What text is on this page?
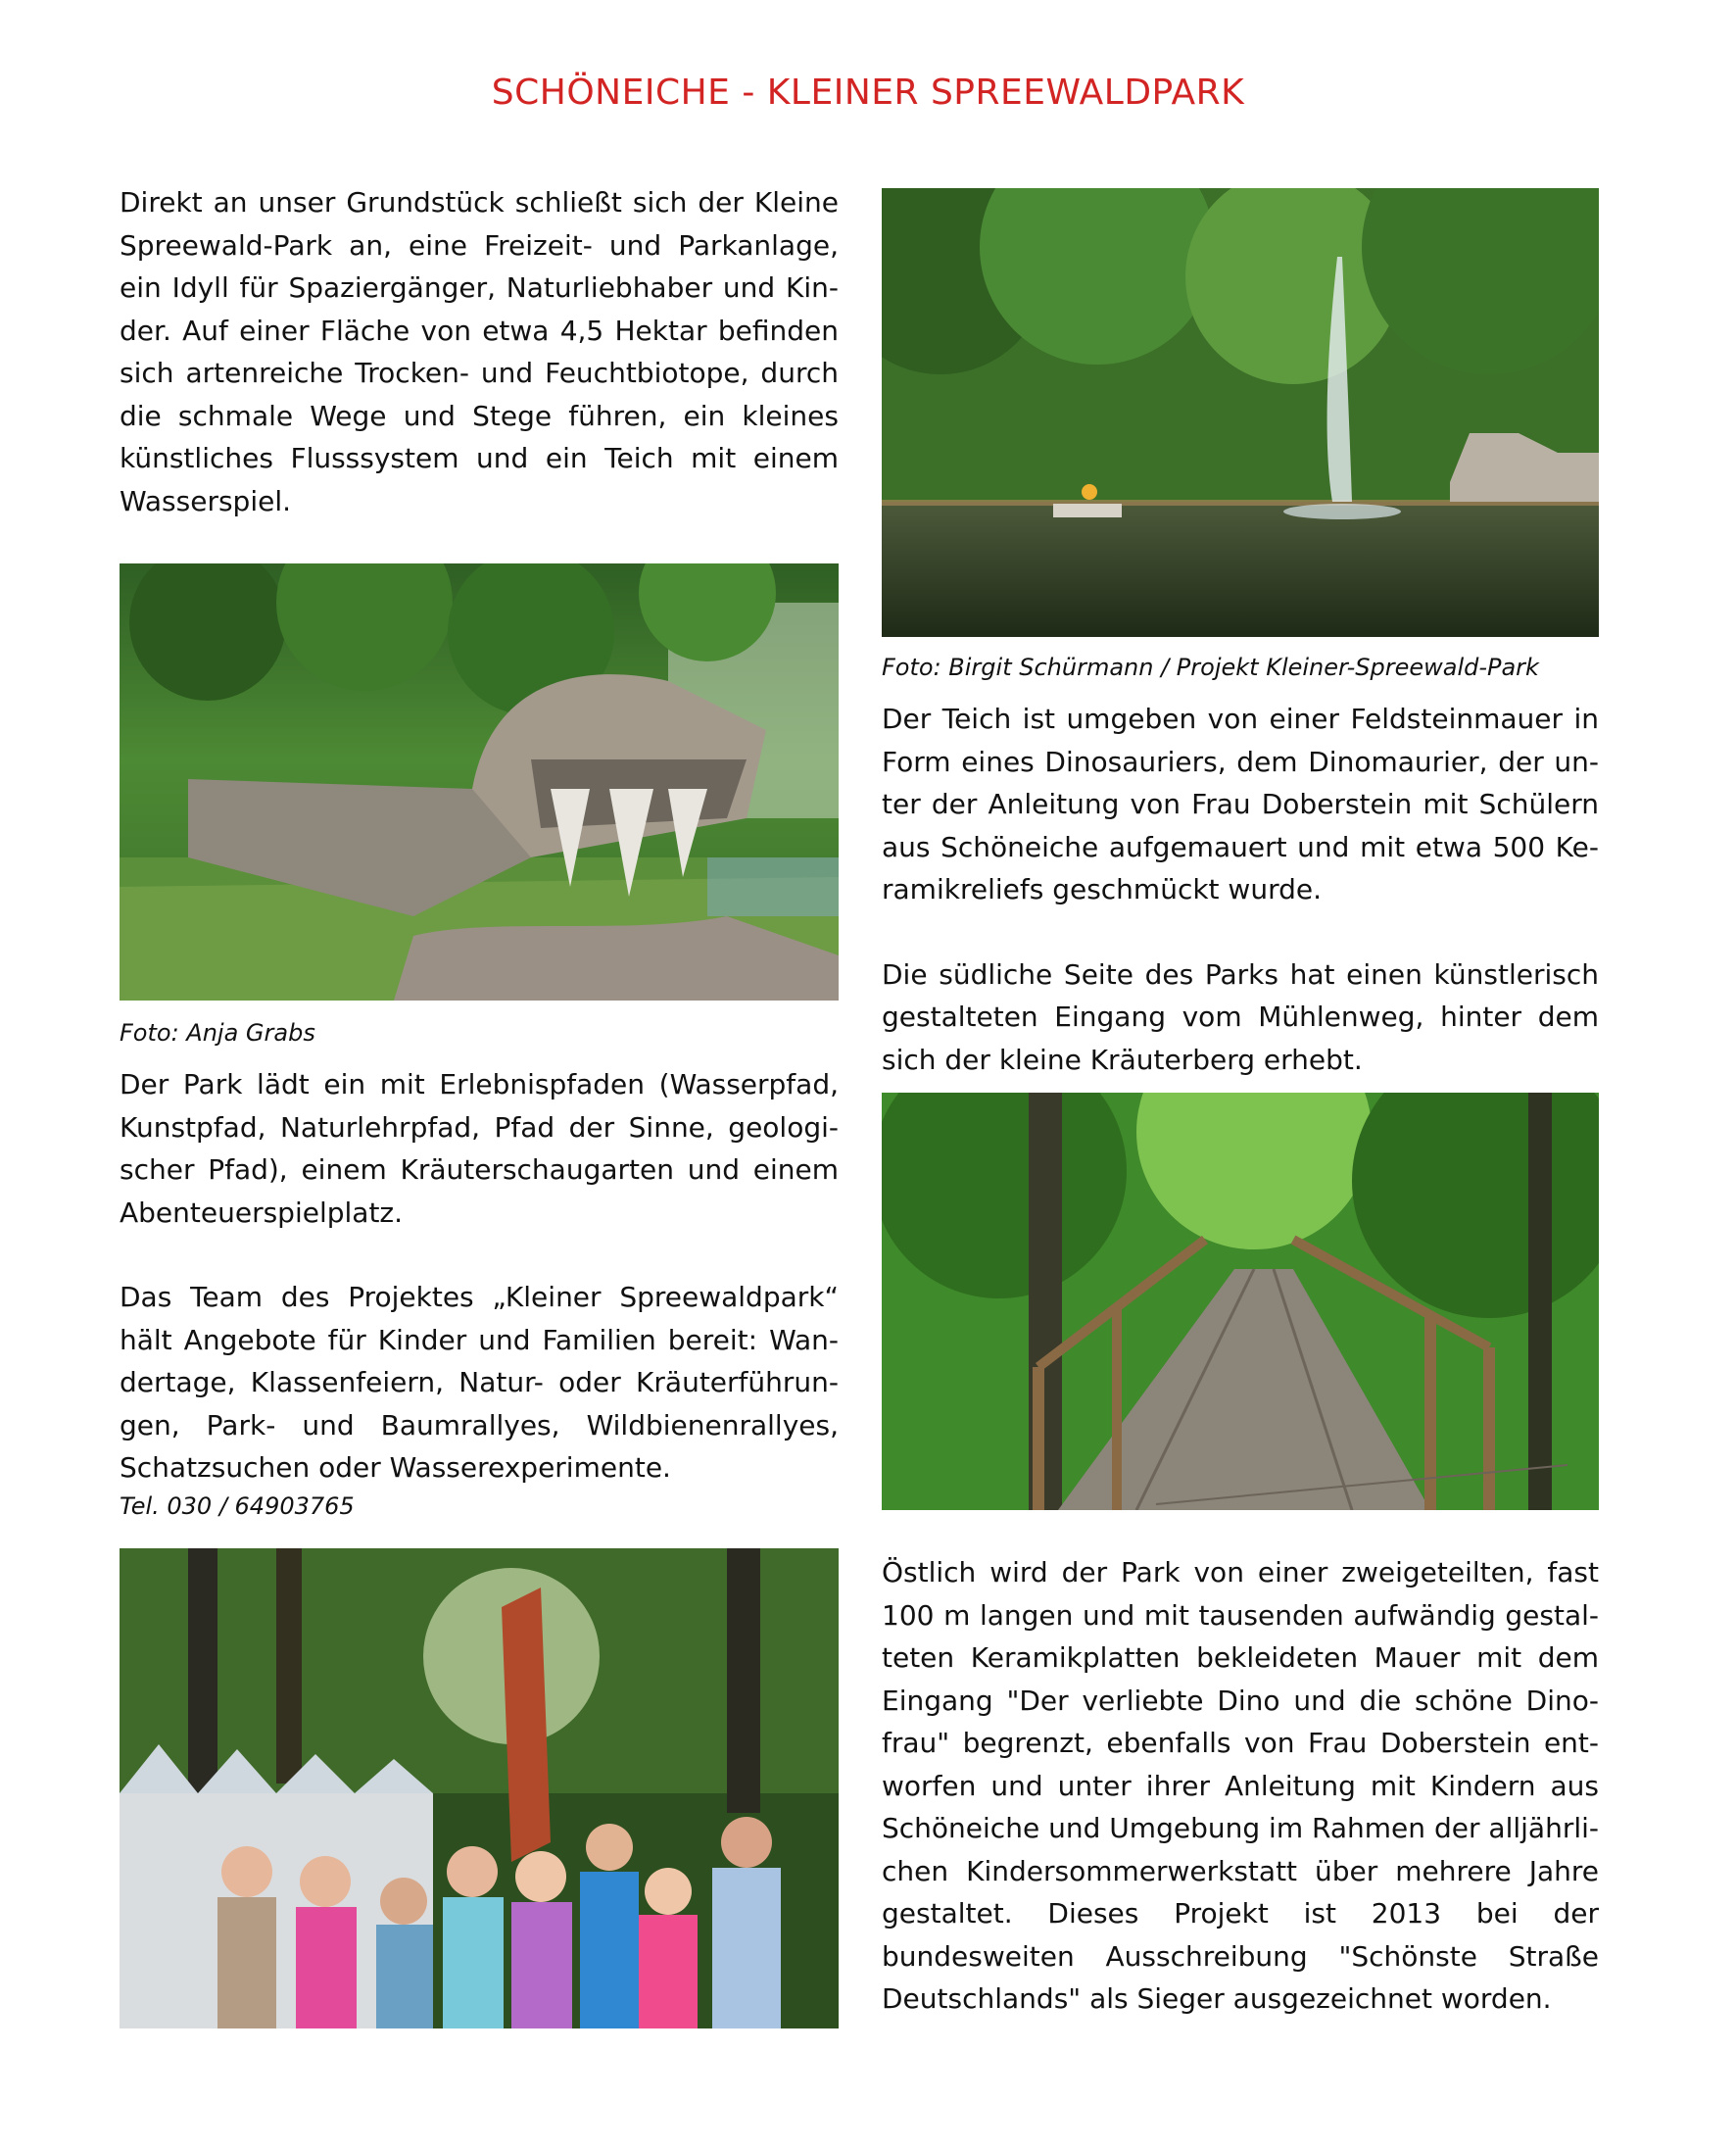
SCHÖNEICHE - KLEINER SPREEWALDPARK

Direkt an unser Grundstück schließt sich der Kleine Spreewald-Park an, eine Freizeit- und Parkanlage, ein Idyll für Spaziergänger, Naturliebhaber und Kinder. Auf einer Fläche von etwa 4,5 Hektar befinden sich artenreiche Trocken- und Feuchtbiotope, durch die schmale Wege und Stege führen, ein kleines künstliches Flusssystem und ein Teich mit einem Wasserspiel.

Foto: Anja Grabs

Der Park lädt ein mit Erlebnispfaden (Wasserpfad, Kunstpfad, Naturlehrpfad, Pfad der Sinne, geologischer Pfad), einem Kräuterschaugarten und einem Abenteuerspielplatz.

Das Team des Projektes „Kleiner Spreewaldpark“ hält Angebote für Kinder und Familien bereit: Wandertage, Klassenfeiern, Natur- oder Kräuterführungen, Park- und Baumrallyes, Wildbienenrallyes, Schatzsuchen oder Wasserexperimente.

Tel. 030 / 64903765

Foto: Birgit Schürmann / Projekt Kleiner-Spreewald-Park

Der Teich ist umgeben von einer Feldsteinmauer in Form eines Dinosauriers, dem Dinomaurier, der unter der Anleitung von Frau Doberstein mit Schülern aus Schöneiche aufgemauert und mit etwa 500 Keramikreliefs geschmückt wurde.

Die südliche Seite des Parks hat einen künstlerisch gestalteten Eingang vom Mühlenweg, hinter dem sich der kleine Kräuterberg erhebt.

Östlich wird der Park von einer zweigeteilten, fast 100 m langen und mit tausenden aufwändig gestalteten Keramikplatten bekleideten Mauer mit dem Eingang "Der verliebte Dino und die schöne Dinofrau" begrenzt, ebenfalls von Frau Doberstein entworfen und unter ihrer Anleitung mit Kindern aus Schöneiche und Umgebung im Rahmen der alljährlichen Kindersommerwerkstatt über mehrere Jahre gestaltet. Dieses Projekt ist 2013 bei der bundesweiten Ausschreibung "Schönste Straße Deutschlands" als Sieger ausgezeichnet worden.
